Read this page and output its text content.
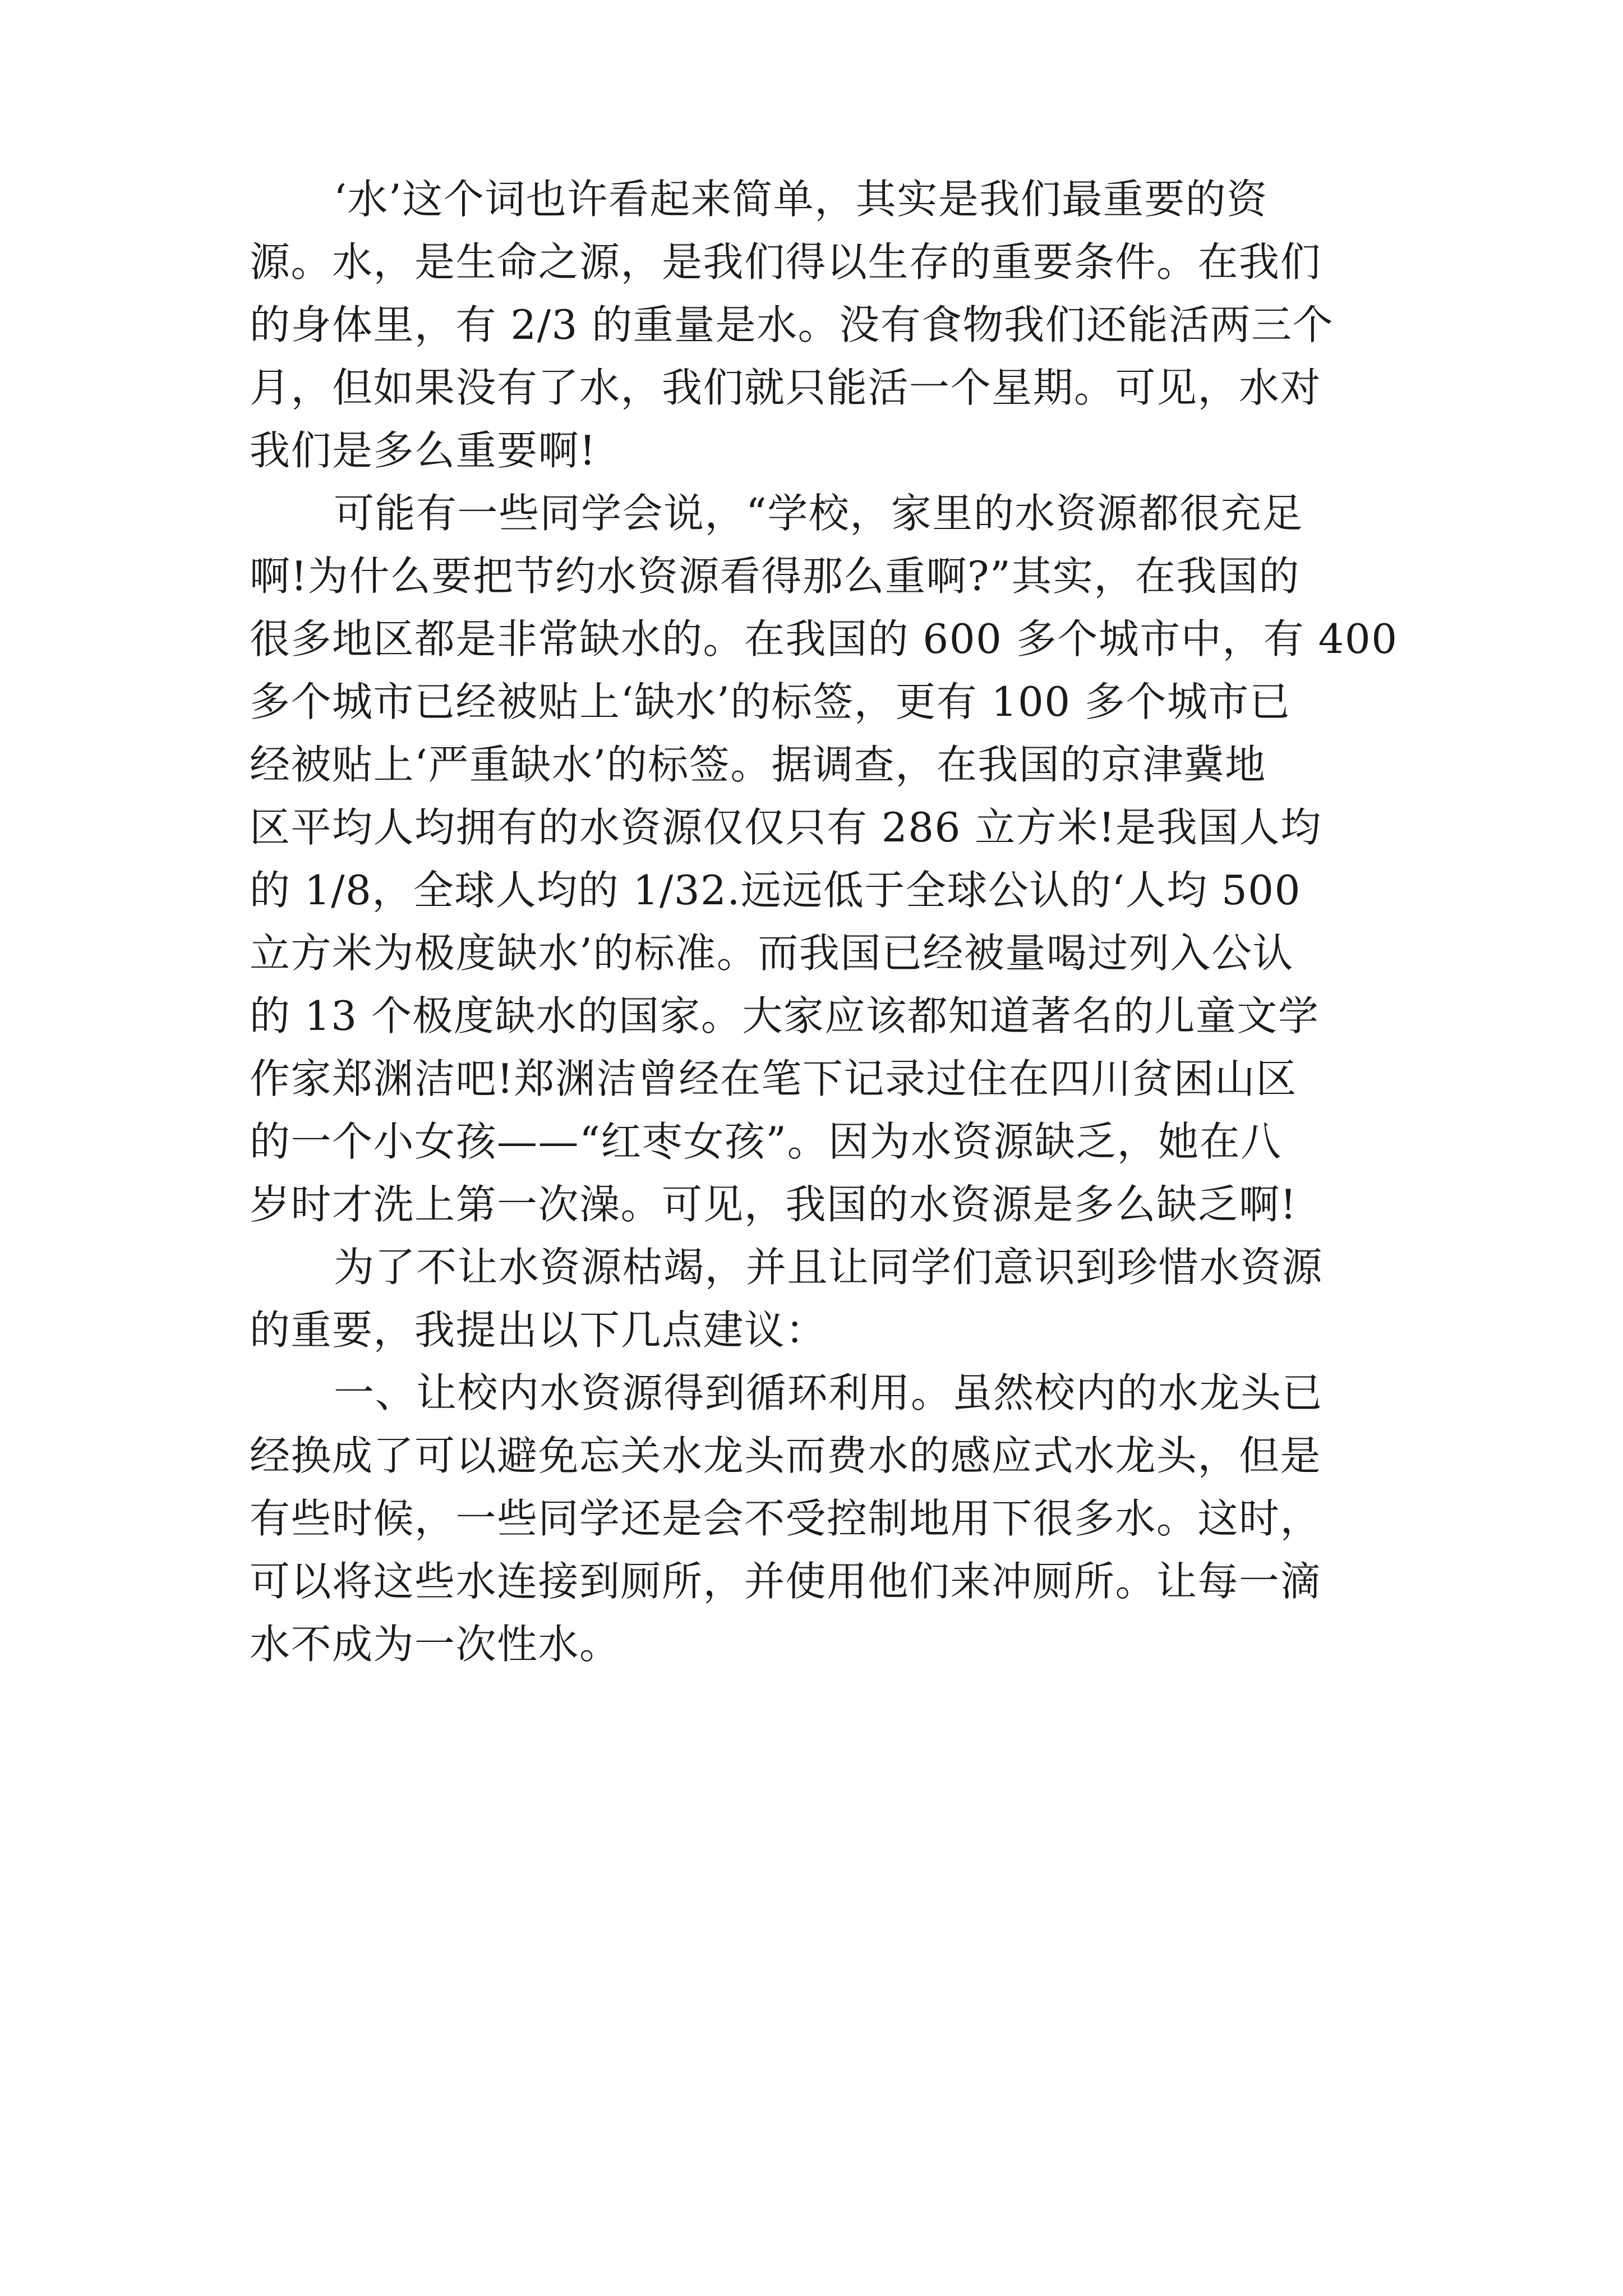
‘水’这个词也许看起来简单，其实是我们最重要的资
源。水，是生命之源，是我们得以生存的重要条件。在我们
的身体里，有 2/3 的重量是水。没有食物我们还能活两三个
月，但如果没有了水，我们就只能活一个星期。可见，水对
我们是多么重要啊!
可能有一些同学会说，“学校，家里的水资源都很充足
啊!为什么要把节约水资源看得那么重啊?”其实，在我国的
很多地区都是非常缺水的。在我国的 600 多个城市中，有 400
多个城市已经被贴上‘缺水’的标签，更有 100 多个城市已
经被贴上‘严重缺水’的标签。据调查，在我国的京津冀地
区平均人均拥有的水资源仅仅只有 286 立方米!是我国人均
的 1/8，全球人均的 1/32.远远低于全球公认的‘人均 500
立方米为极度缺水’的标准。而我国已经被量喝过列入公认
的 13 个极度缺水的国家。大家应该都知道著名的儿童文学
作家郑渊洁吧!郑渊洁曾经在笔下记录过住在四川贫困山区
的一个小女孩——“红枣女孩”。因为水资源缺乏，她在八
岁时才洗上第一次澡。可见，我国的水资源是多么缺乏啊!
为了不让水资源枯竭，并且让同学们意识到珍惜水资源
的重要，我提出以下几点建议：
一、让校内水资源得到循环利用。虽然校内的水龙头已
经换成了可以避免忘关水龙头而费水的感应式水龙头，但是
有些时候，一些同学还是会不受控制地用下很多水。这时，
可以将这些水连接到厕所，并使用他们来冲厕所。让每一滴
水不成为一次性水。
